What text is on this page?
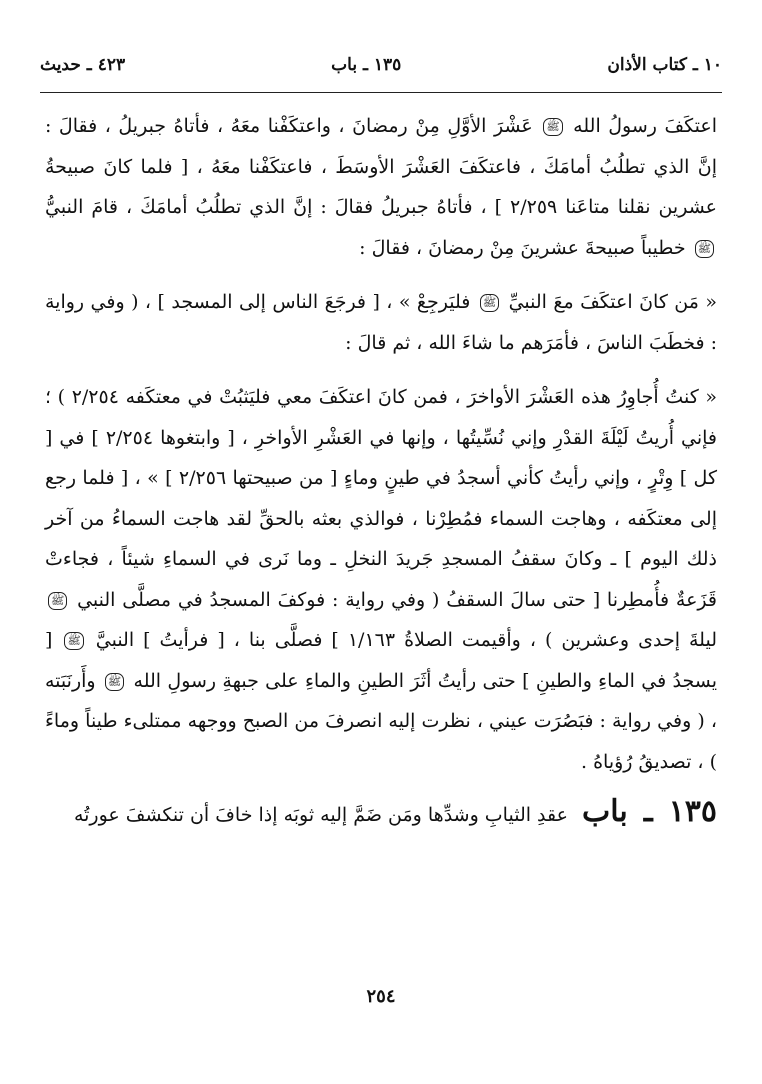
١٠ ـ كتاب الأذان
١٣٥ ـ باب
٤٢٣ ـ حديث

اعتكَفَ رسولُ الله ﷺ عَشْرَ الأوَّلِ مِنْ رمضانَ ، واعتكَفْنا معَهُ ، فأتاهُ جبريلُ ، فقالَ : إنَّ الذي تطلُبُ أمامَكَ ، فاعتكَفَ العَشْرَ الأوسَطَ ، فاعتكَفْنا معَهُ ، [ فلما كانَ صبيحةُ عشرين نقلنا متاعَنا ٢/٢٥٩ ] ، فأتاهُ جبريلُ فقالَ : إنَّ الذي تطلُبُ أمامَكَ ، قامَ النبيُّ ﷺ خطيباً صبيحةَ عشرينَ مِنْ رمضانَ ، فقالَ :

« مَن كانَ اعتكَفَ معَ النبيِّ ﷺ فليَرجِعْ » ، [ فرجَعَ الناس إلى المسجد ] ، ( وفي رواية : فخطَبَ الناسَ ، فأمَرَهم ما شاءَ الله ، ثم قالَ :

« كنتُ أُجاوِرُ هذه العَشْرَ الأواخرَ ، فمن كانَ اعتكَفَ معي فليَثبُتْ في معتكَفه ٢/٢٥٤ ) ؛ فإني أُريتُ لَيْلَةَ القدْرِ وإني نُسِّيتُها ، وإنها في العَشْرِ الأواخرِ ، [ وابتغوها ٢/٢٥٤ ] في [ كل ] وِتْرٍ ، وإني رأيتُ كأني أسجدُ في طينٍ وماءٍ [ من صبيحتها ٢/٢٥٦ ] » ، [ فلما رجع إلى معتكَفه ، وهاجت السماء فمُطِرْنا ، فوالذي بعثه بالحقِّ لقد هاجت السماءُ من آخر ذلك اليوم ] ـ وكانَ سقفُ المسجدِ جَريدَ النخلِ ـ وما نَرى في السماءِ شيئاً ، فجاءتْ قَزَعةٌ فأُمطِرنا [ حتى سالَ السقفُ ( وفي رواية : فوكفَ المسجدُ في مصلَّى النبي ﷺ ليلةَ إحدى وعشرين ) ، وأقيمت الصلاةُ ١/١٦٣ ] فصلَّى بنا ، [ فرأيتُ ] النبيَّ ﷺ [ يسجدُ في الماءِ والطينِ ] حتى رأيتُ أثَرَ الطينِ والماءِ على جبهةِ رسولِ الله ﷺ وأَرنَبَته ، ( وفي رواية : فبَصُرَت عيني ، نظرت إليه انصرفَ من الصبح ووجهه ممتلىء طيناً وماءً ) ، تصديقُ رُؤياهُ .

١٣٥ ـ باب عقدِ الثيابِ وشدِّها ومَن ضَمَّ إليه ثوبَه إذا خافَ أن تنكشفَ عورتُه

٢٥٤
